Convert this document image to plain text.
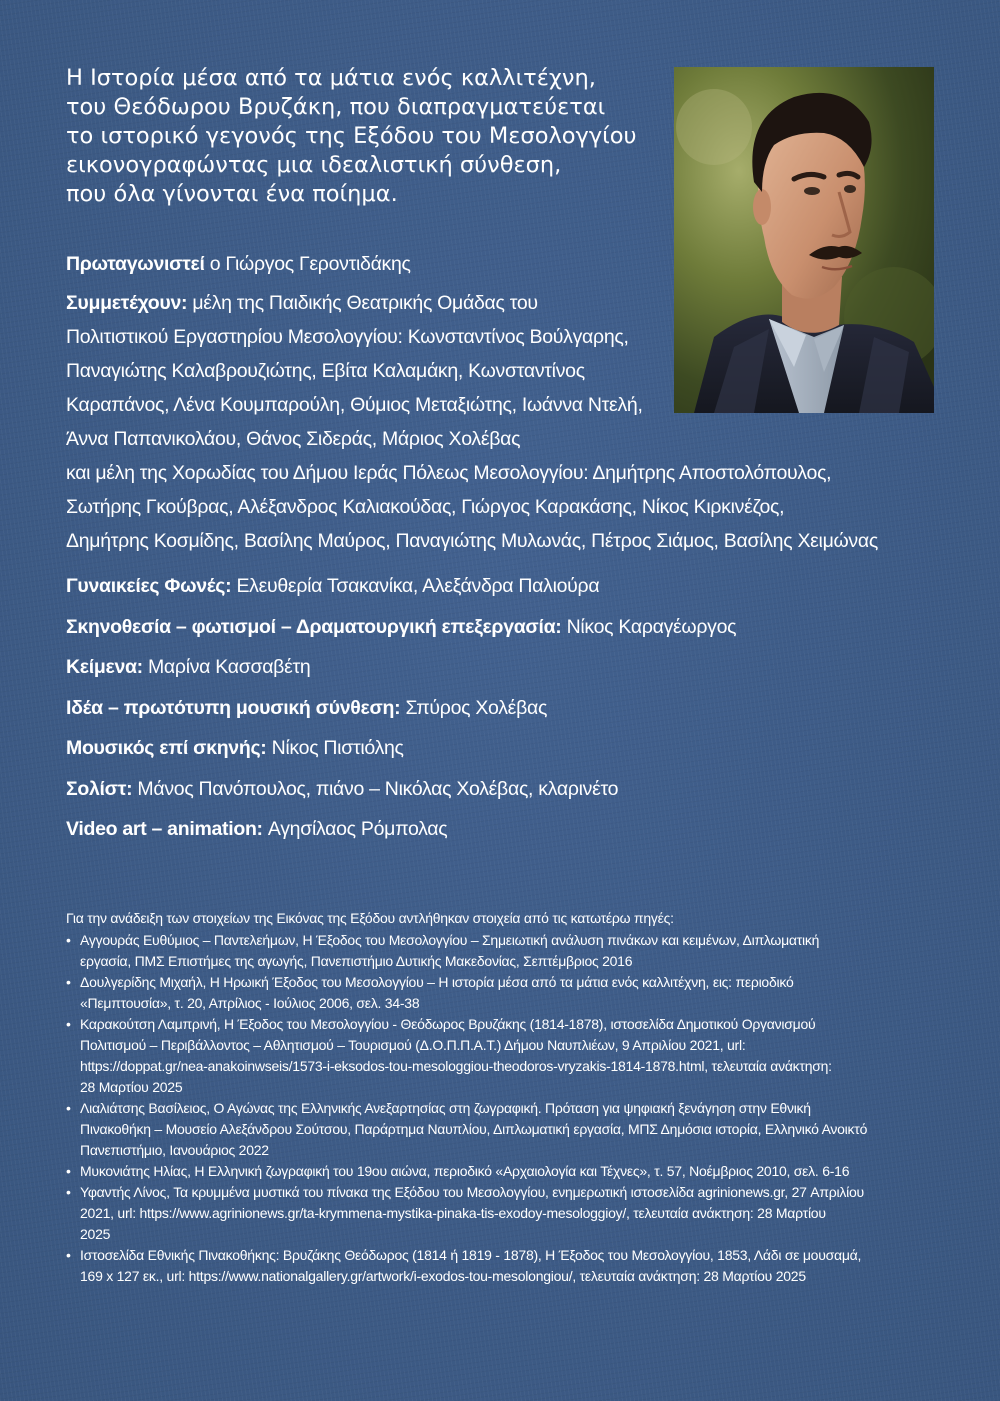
Η Ιστορία μέσα από τα μάτια ενός καλλιτέχνη,
του Θεόδωρου Βρυζάκη, που διαπραγματεύεται
το ιστορικό γεγονός της Εξόδου του Μεσολογγίου
εικονογραφώντας μια ιδεαλιστική σύνθεση,
που όλα γίνονται ένα ποίημα.

Πρωταγωνιστεί ο Γιώργος Γεροντιδάκης
Συμμετέχουν: μέλη της Παιδικής Θεατρικής Ομάδας του
Πολιτιστικού Εργαστηρίου Μεσολογγίου: Κωνσταντίνος Βούλγαρης,
Παναγιώτης Καλαβρουζιώτης, Εβίτα Καλαμάκη, Κωνσταντίνος
Καραπάνος, Λένα Κουμπαρούλη, Θύμιος Μεταξιώτης, Ιωάννα Ντελή,
Άννα Παπανικολάου, Θάνος Σιδεράς, Μάριος Χολέβας
και μέλη της Χορωδίας του Δήμου Ιεράς Πόλεως Μεσολογγίου: Δημήτρης Αποστολόπουλος,
Σωτήρης Γκούβρας, Αλέξανδρος Καλιακούδας, Γιώργος Καρακάσης, Νίκος Κιρκινέζος,
Δημήτρης Κοσμίδης, Βασίλης Μαύρος, Παναγιώτης Μυλωνάς, Πέτρος Σιάμος, Βασίλης Χειμώνας
Γυναικείες Φωνές: Ελευθερία Τσακανίκα, Αλεξάνδρα Παλιούρα
Σκηνοθεσία – φωτισμοί – Δραματουργική επεξεργασία: Νίκος Καραγέωργος
Κείμενα: Μαρίνα Κασσαβέτη
Ιδέα – πρωτότυπη μουσική σύνθεση: Σπύρος Χολέβας
Μουσικός επί σκηνής: Νίκος Πιστιόλης
Σολίστ: Μάνος Πανόπουλος, πιάνο – Νικόλας Χολέβας, κλαρινέτο
Video art – animation: Αγησίλαος Ρόμπολας
Για την ανάδειξη των στοιχείων της Εικόνας της Εξόδου αντλήθηκαν στοιχεία από τις κατωτέρω πηγές:
• Αγγουράς Ευθύμιος – Παντελεήμων, Η Έξοδος του Μεσολογγίου – Σημειωτική ανάλυση πινάκων και κειμένων, Διπλωματική
εργασία, ΠΜΣ Επιστήμες της αγωγής, Πανεπιστήμιο Δυτικής Μακεδονίας, Σεπτέμβριος 2016
• Δουλγερίδης Μιχαήλ, Η Ηρωική Έξοδος του Μεσολογγίου – Η ιστορία μέσα από τα μάτια ενός καλλιτέχνη, εις: περιοδικό
«Πεμπτουσία», τ. 20, Απρίλιος - Ιούλιος 2006, σελ. 34-38
• Καρακούτση Λαμπρινή, Η Έξοδος του Μεσολογγίου - Θεόδωρος Βρυζάκης (1814-1878), ιστοσελίδα Δημοτικού Οργανισμού
Πολιτισμού – Περιβάλλοντος – Αθλητισμού – Τουρισμού (Δ.Ο.Π.Π.Α.Τ.) Δήμου Ναυπλιέων, 9 Απριλίου 2021, url:
https://doppat.gr/nea-anakoinwseis/1573-i-eksodos-tou-mesologgiou-theodoros-vryzakis-1814-1878.html, τελευταία ανάκτηση:
28 Μαρτίου 2025
• Λιαλιάτσης Βασίλειος, Ο Αγώνας της Ελληνικής Ανεξαρτησίας στη ζωγραφική. Πρόταση για ψηφιακή ξενάγηση στην Εθνική
Πινακοθήκη – Μουσείο Αλεξάνδρου Σούτσου, Παράρτημα Ναυπλίου, Διπλωματική εργασία, ΜΠΣ Δημόσια ιστορία, Ελληνικό Ανοικτό
Πανεπιστήμιο, Ιανουάριος 2022
• Μυκονιάτης Ηλίας, Η Ελληνική ζωγραφική του 19ου αιώνα, περιοδικό «Αρχαιολογία και Τέχνες», τ. 57, Νοέμβριος 2010, σελ. 6-16
• Υφαντής Λίνος, Τα κρυμμένα μυστικά του πίνακα της Εξόδου του Μεσολογγίου, ενημερωτική ιστοσελίδα agrinionews.gr, 27 Απριλίου
2021, url: https://www.agrinionews.gr/ta-krymmena-mystika-pinaka-tis-exodoy-mesologgioy/, τελευταία ανάκτηση: 28 Μαρτίου
2025
• Ιστοσελίδα Εθνικής Πινακοθήκης: Βρυζάκης Θεόδωρος (1814 ή 1819 - 1878), Η Έξοδος του Μεσολογγίου, 1853, Λάδι σε μουσαμά,
169 x 127 εκ., url: https://www.nationalgallery.gr/artwork/i-exodos-tou-mesolongiou/, τελευταία ανάκτηση: 28 Μαρτίου 2025
